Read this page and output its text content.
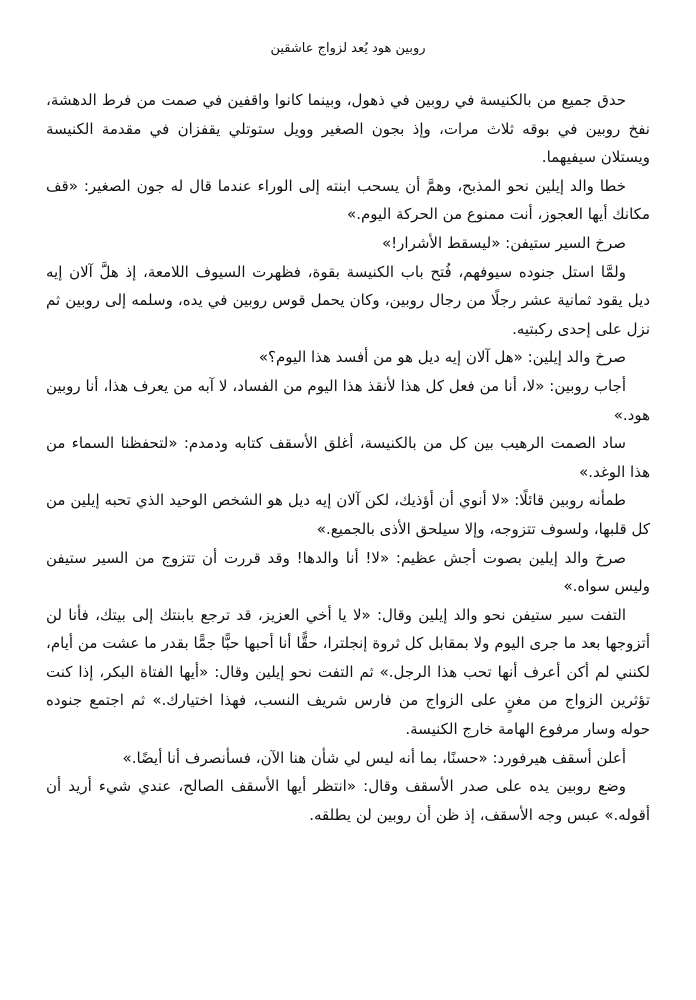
روبين هود يُعد لزواج عاشقين

حدق جميع من بالكنيسة في روبين في ذهول، وبينما كانوا واقفين في صمت من فرط الدهشة، نفخ روبين في بوقه ثلاث مرات، وإذ بجون الصغير وويل ستوتلي يقفزان في مقدمة الكنيسة ويستلان سيفيهما.

خطا والد إيلين نحو المذبح، وهمَّ أن يسحب ابنته إلى الوراء عندما قال له جون الصغير: «قف مكانك أيها العجوز، أنت ممنوع من الحركة اليوم.»

صرخ السير ستيفن: «ليسقط الأشرار!»

ولمَّا استل جنوده سيوفهم، فُتح باب الكنيسة بقوة، فظهرت السيوف اللامعة، إذ هلَّ آلان إيه ديل يقود ثمانية عشر رجلًا من رجال روبين، وكان يحمل قوس روبين في يده، وسلمه إلى روبين ثم نزل على إحدى ركبتيه.

صرخ والد إيلين: «هل آلان إيه ديل هو من أفسد هذا اليوم؟»

أجاب روبين: «لا، أنا من فعل كل هذا لأنقذ هذا اليوم من الفساد، لا آبه من يعرف هذا، أنا روبين هود.»

ساد الصمت الرهيب بين كل من بالكنيسة، أغلق الأسقف كتابه ودمدم: «لتحفظنا السماء من هذا الوغد.»

طمأنه روبين قائلًا: «لا أنوي أن أؤذيك، لكن آلان إيه ديل هو الشخص الوحيد الذي تحبه إيلين من كل قلبها، ولسوف تتزوجه، وإلا سيلحق الأذى بالجميع.»

صرخ والد إيلين بصوت أجش عظيم: «لا! أنا والدها! وقد قررت أن تتزوج من السير ستيفن وليس سواه.»

التفت سير ستيفن نحو والد إيلين وقال: «لا يا أخي العزيز، قد ترجع بابنتك إلى بيتك، فأنا لن أتزوجها بعد ما جرى اليوم ولا بمقابل كل ثروة إنجلترا، حقًّا أنا أحبها حبًّا جمًّا بقدر ما عشت من أيام، لكنني لم أكن أعرف أنها تحب هذا الرجل.» ثم التفت نحو إيلين وقال: «أيها الفتاة البكر، إذا كنت تؤثرين الزواج من مغنٍ على الزواج من فارس شريف النسب، فهذا اختيارك.» ثم اجتمع جنوده حوله وسار مرفوع الهامة خارج الكنيسة.

أعلن أسقف هيرفورد: «حسنًا، بما أنه ليس لي شأن هنا الآن، فسأنصرف أنا أيضًا.»

وضع روبين يده على صدر الأسقف وقال: «انتظر أيها الأسقف الصالح، عندي شيء أريد أن أقوله.» عبس وجه الأسقف، إذ ظن أن روبين لن يطلقه.
